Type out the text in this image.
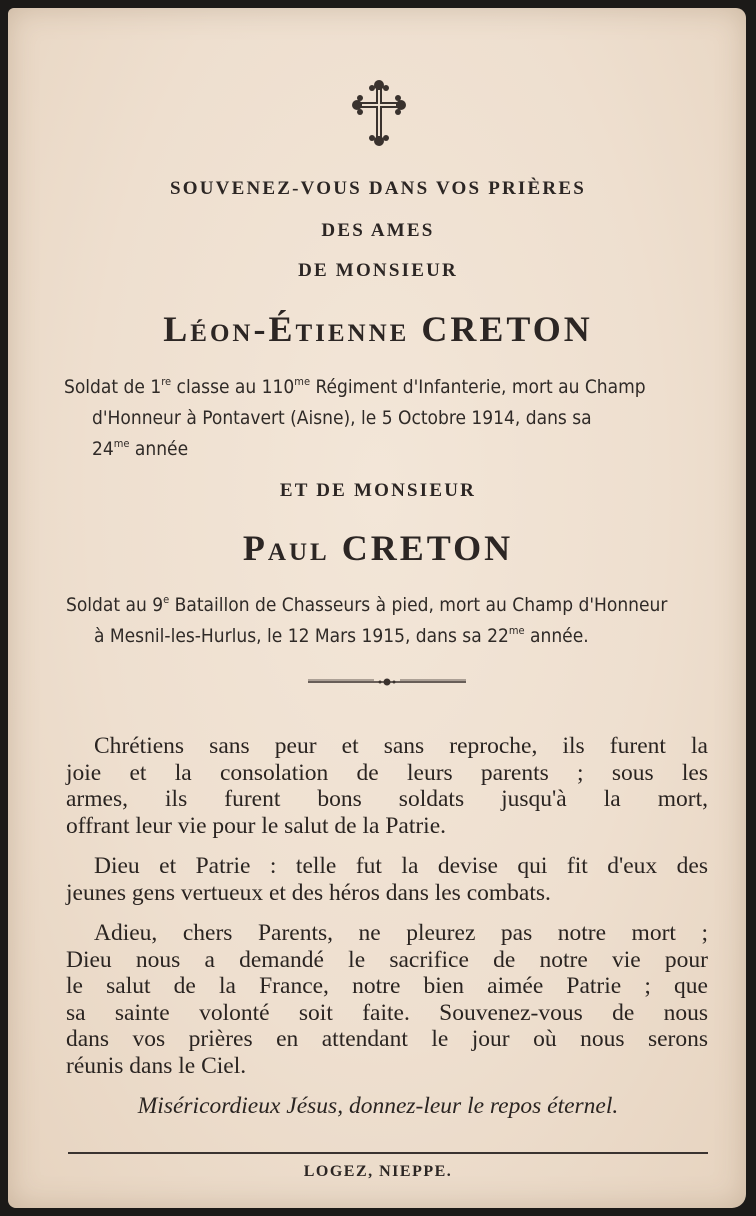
SOUVENEZ-VOUS DANS VOS PRIÈRES
DES AMES
DE MONSIEUR
Léon-Étienne CRETON
Soldat de 1re classe au $110^{me}$ Régiment d'Infanterie, mort au Champ
d'Honneur à Pontavert (Aisne), le 5 Octobre 1914, dans sa
$24^{me}$ année
ET DE MONSIEUR
Paul CRETON
Soldat au 9e Bataillon de Chasseurs à pied, mort au Champ d'Honneur
à Mesnil-les-Hurlus, le 12 Mars 1915, dans sa $22^{me}$ année.
Chrétiens sans peur et sans reproche, ils furent la
joie et la consolation de leurs parents ; sous les
armes, ils furent bons soldats jusqu'à la mort,
offrant leur vie pour le salut de la Patrie.
Dieu et Patrie : telle fut la devise qui fit d'eux des
jeunes gens vertueux et des héros dans les combats.
Adieu, chers Parents, ne pleurez pas notre mort ;
Dieu nous a demandé le sacrifice de notre vie pour
le salut de la France, notre bien aimée Patrie ; que
sa sainte volonté soit faite. Souvenez-vous de nous
dans vos prières en attendant le jour où nous serons
réunis dans le Ciel.
Miséricordieux Jésus, donnez-leur le repos éternel.
LOGEZ, NIEPPE.
